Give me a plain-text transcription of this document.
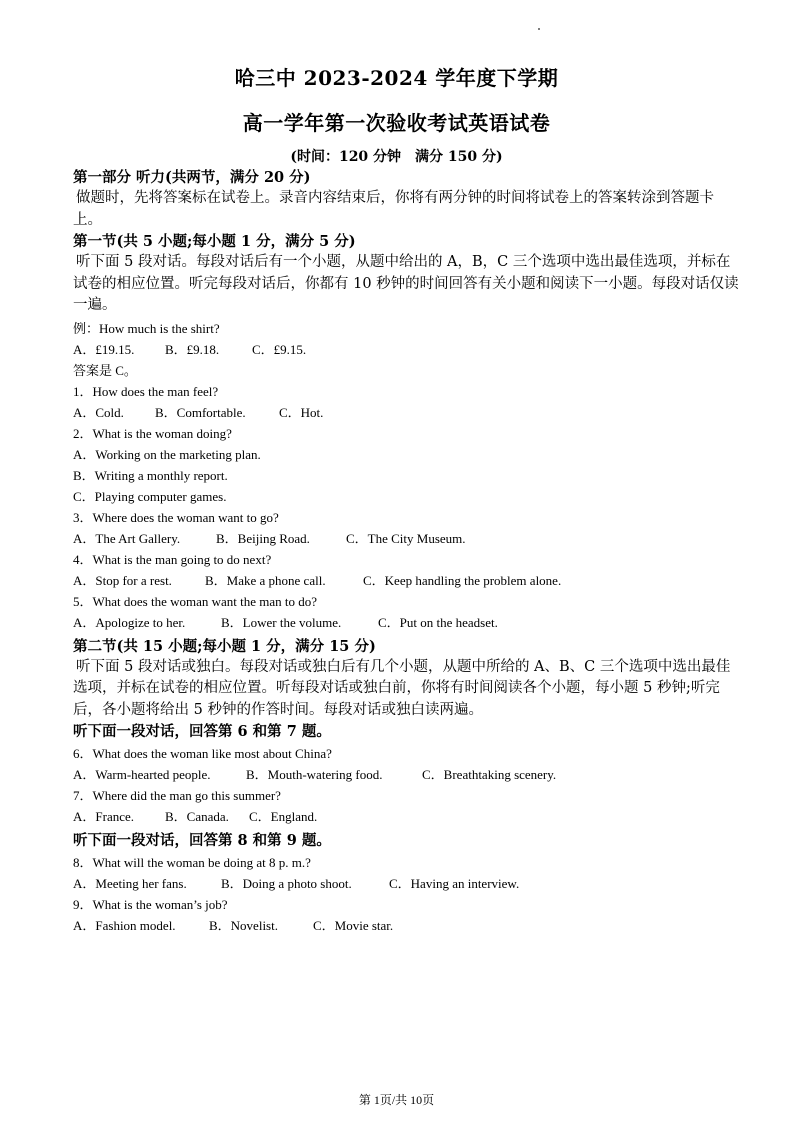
哈三中 2023-2024 学年度下学期
高一学年第一次验收考试英语试卷
(时间：120 分钟　满分 150 分)
第一部分 听力(共两节，满分 20 分)
做题时，先将答案标在试卷上。录音内容结束后，你将有两分钟的时间将试卷上的答案转涂到答题卡上。
第一节(共 5 小题;每小题 1 分，满分 5 分)
听下面 5 段对话。每段对话后有一个小题，从题中给出的 A，B，C 三个选项中选出最佳选项，并标在试卷的相应位置。听完每段对话后，你都有 10 秒钟的时间回答有关小题和阅读下一小题。每段对话仅读一遍。
例：How much is the shirt?
A．£19.15. B．£9.18.	C．£9.15.
答案是 C。
1．How does the man feel?
A．Cold. B．Comfortable.	C．Hot.
2．What is the woman doing?
A．Working on the marketing plan.
B．Writing a monthly report.
C．Playing computer games.
3．Where does the woman want to go?
A．The Art Gallery.	B．Beijing Road.	C．The City Museum.
4．What is the man going to do next?
A．Stop for a rest.	B．Make a phone call.	C．Keep handling the problem alone.
5．What does the woman want the man to do?
A．Apologize to her.	B．Lower the volume.	C．Put on the headset.
第二节(共 15 小题;每小题 1 分，满分 15 分)
听下面 5 段对话或独白。每段对话或独白后有几个小题，从题中所给的 A、B、C 三个选项中选出最佳选项，并标在试卷的相应位置。听每段对话或独白前，你将有时间阅读各个小题，每小题 5 秒钟;听完后，各小题将给出 5 秒钟的作答时间。每段对话或独白读两遍。
听下面一段对话，回答第 6 和第 7 题。
6．What does the woman like most about China?
A．Warm-hearted people.	B．Mouth-watering food.	C．Breathtaking scenery.
7．Where did the man go this summer?
A．France. B．Canada. C．England.
听下面一段对话，回答第 8 和第 9 题。
8．What will the woman be doing at 8 p. m.?
A．Meeting her fans.	B．Doing a photo shoot.	C．Having an interview.
9．What is the woman’s job?
A．Fashion model.	B．Novelist.	C．Movie star.
第 1页/共 10页
